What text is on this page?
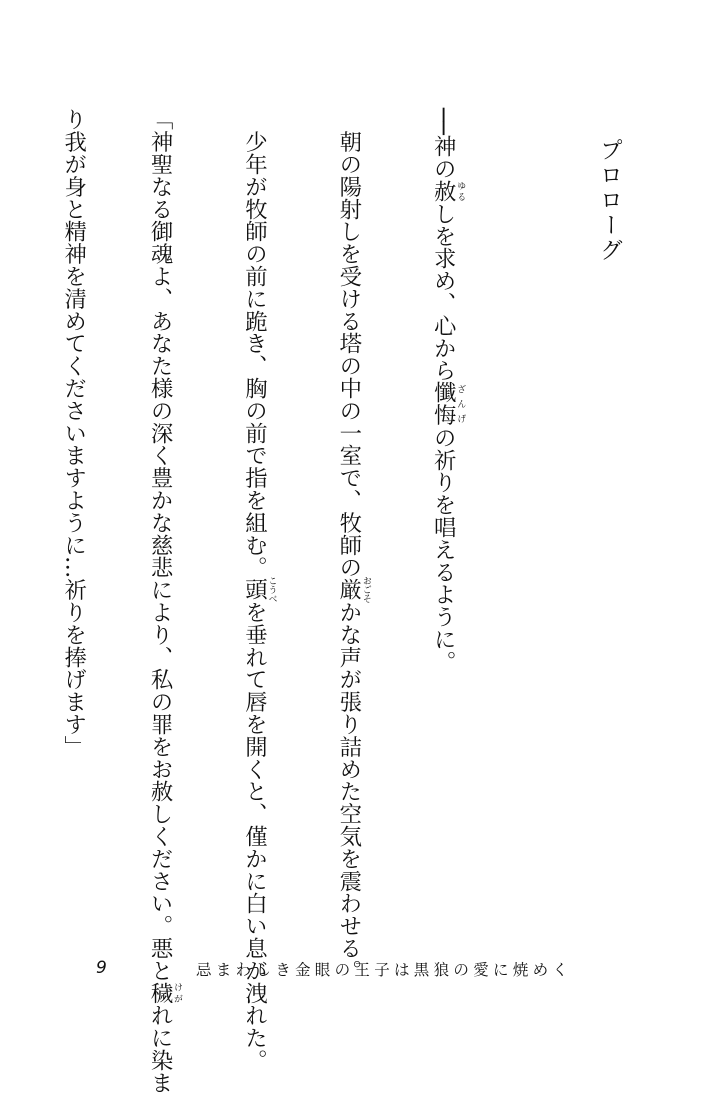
──神の赦 ゆるしを求め、心から懺悔 ざんげの祈りを唱えるように。

　朝の陽射しを受ける塔の中の一室で、牧師の厳 おごそかな声が張り詰めた空気を震わせる。

　少年が牧師の前に跪き、胸の前で指を組む。頭 こうべを垂れて唇を開くと、僅かに白い息が洩れた。

「神聖なる御魂よ、あなた様の深く豊かな慈悲により、私の罪をお赦しください。悪と穢 けがれに染ま

り我が身と精神を清めてくださいますように…祈りを捧げます」

	プロローグ
9	忌まわしき金眼の王子は黒狼の愛に焼めく
